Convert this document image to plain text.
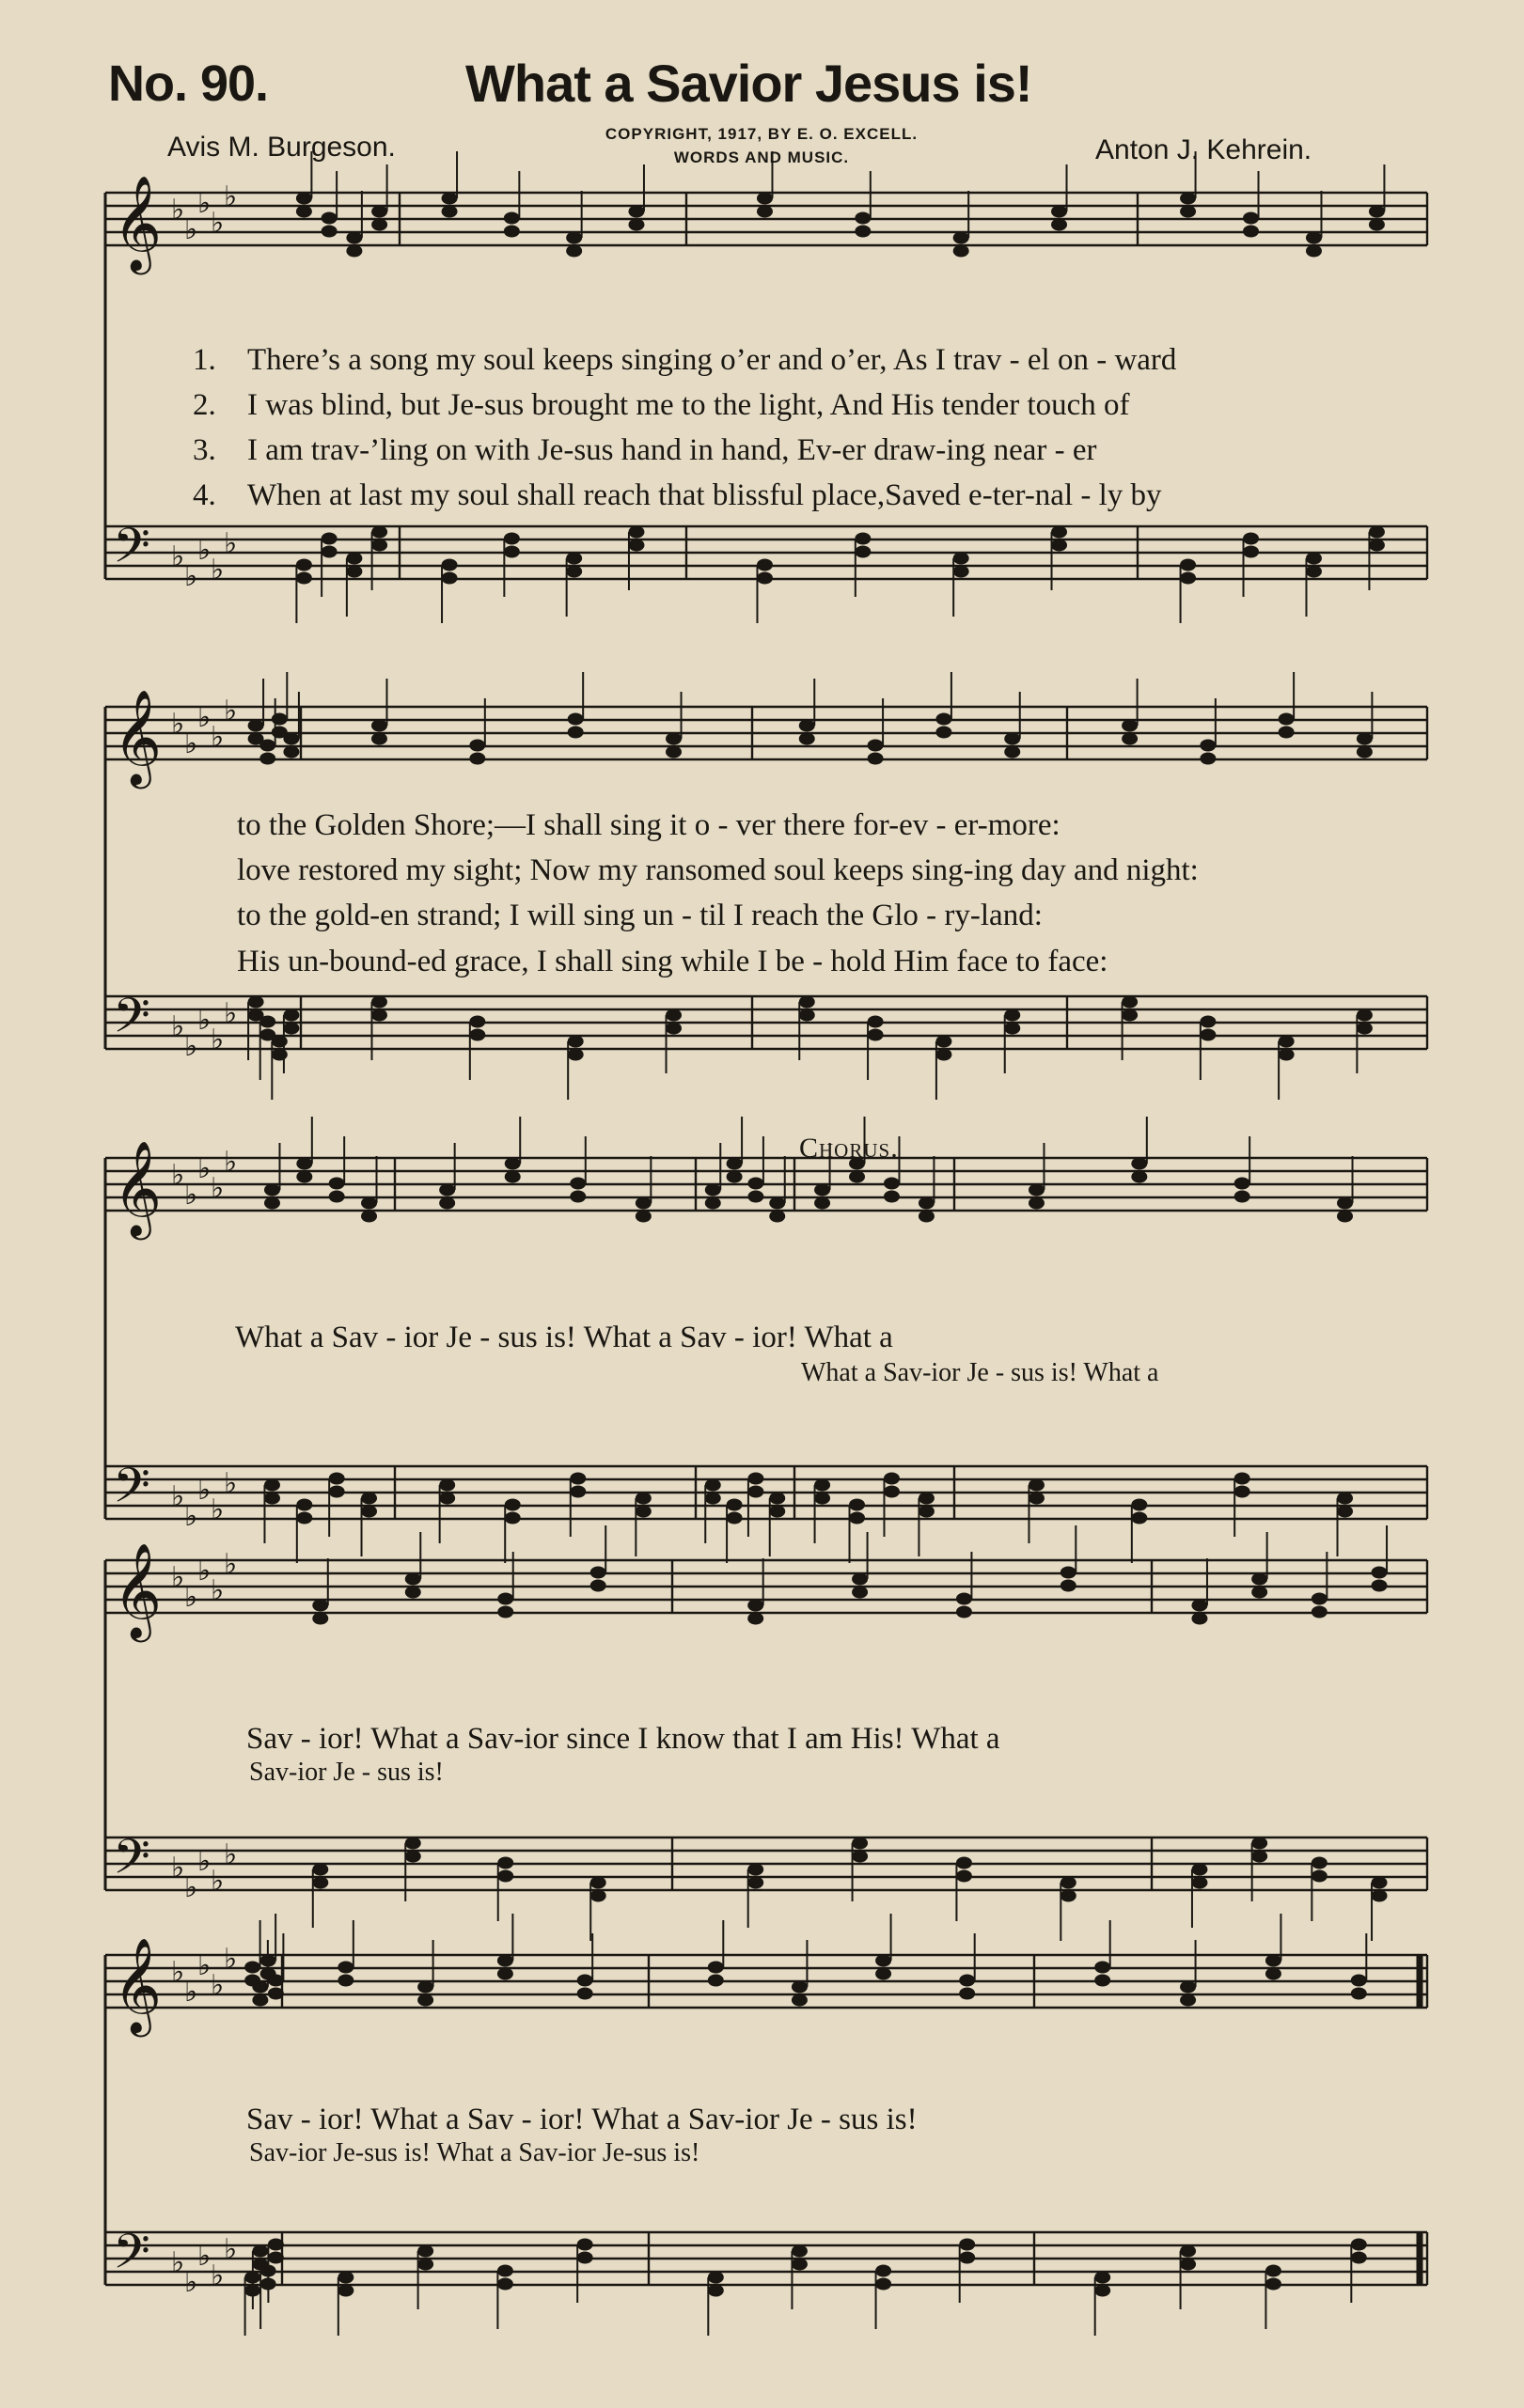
No. 90.	What a Savior Jesus is!
Avis M. Burgeson.	COPYRIGHT, 1917, BY E. O. EXCELL.
WORDS AND MUSIC.	Anton J. Kehrein.
𝄞 ♭
♭
♭
♭
♭
𝄢 ♭
♭
♭
♭
♭
𝄞 ♭
♭
♭
♭
♭
𝄢 ♭
♭
♭
♭
♭
𝄞 ♭
♭
♭
♭
♭
𝄢 ♭
♭
♭
♭
♭
𝄞 ♭
♭
♭
♭
♭
𝄢 ♭
♭
♭
♭
♭
𝄞 ♭
♭
♭
♭
♭
𝄢 ♭
♭
♭
♭
♭
1. There’s a song my soul keeps singing o’er and o’er, As I trav - el on - ward
2. I was blind, but Je-sus brought me to the light, And His tender touch of
3. I am trav-’ling on with Je-sus hand in hand, Ev-er draw-ing near - er
4. When at last my soul shall reach that blissful place,Saved e-ter-nal - ly by
to the Golden Shore;—I shall sing it o - ver there for-ev - er-more:
love restored my sight; Now my ransomed soul keeps sing-ing day and night:
to the gold-en strand; I will sing un - til I reach the Glo - ry-land:
His un-bound-ed grace, I shall sing while I be - hold Him face to face:
Chorus.
What a Sav - ior Je - sus is! What a Sav - ior! What a
What a Sav-ior Je - sus is! What a
Sav - ior! What a Sav-ior since I know that I am His! What a
Sav-ior Je - sus is!
Sav - ior! What a Sav - ior! What a Sav-ior Je - sus is!
Sav-ior Je-sus is! What a Sav-ior Je-sus is!
